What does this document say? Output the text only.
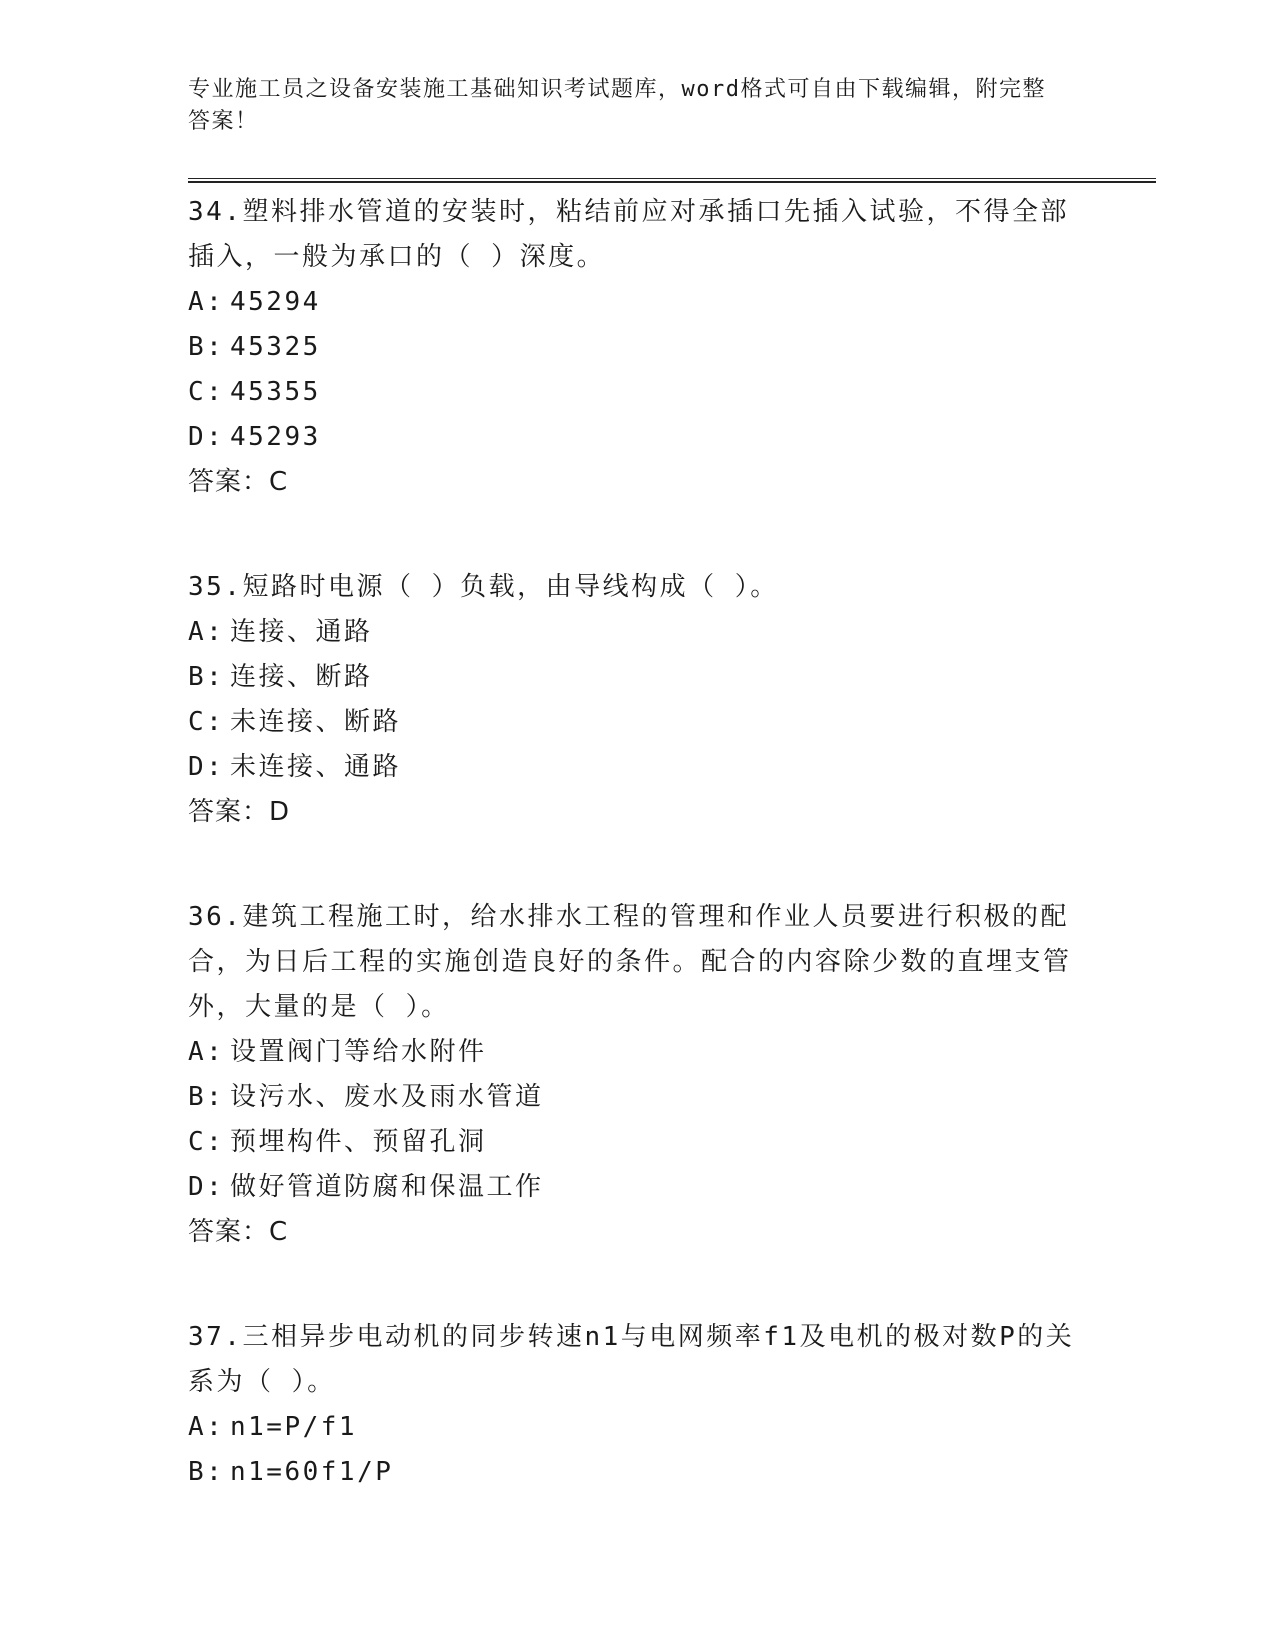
专业施工员之设备安装施工基础知识考试题库，word格式可自由下载编辑，附完整答案！

34.塑料排水管道的安装时，粘结前应对承插口先插入试验，不得全部插入，一般为承口的（ ）深度。

A: 45294

B: 45325

C: 45355

D: 45293

答案：C

35.短路时电源（ ）负载，由导线构成（ ）。

A: 连接、通路

B: 连接、断路

C: 未连接、断路

D: 未连接、通路

答案：D

36.建筑工程施工时，给水排水工程的管理和作业人员要进行积极的配合，为日后工程的实施创造良好的条件。配合的内容除少数的直埋支管外，大量的是（ ）。

A: 设置阀门等给水附件

B: 设污水、废水及雨水管道

C: 预埋构件、预留孔洞

D: 做好管道防腐和保温工作

答案：C

37.三相异步电动机的同步转速n1与电网频率f1及电机的极对数P的关系为（ ）。

A: n1=P/f1

B: n1=60f1/P
